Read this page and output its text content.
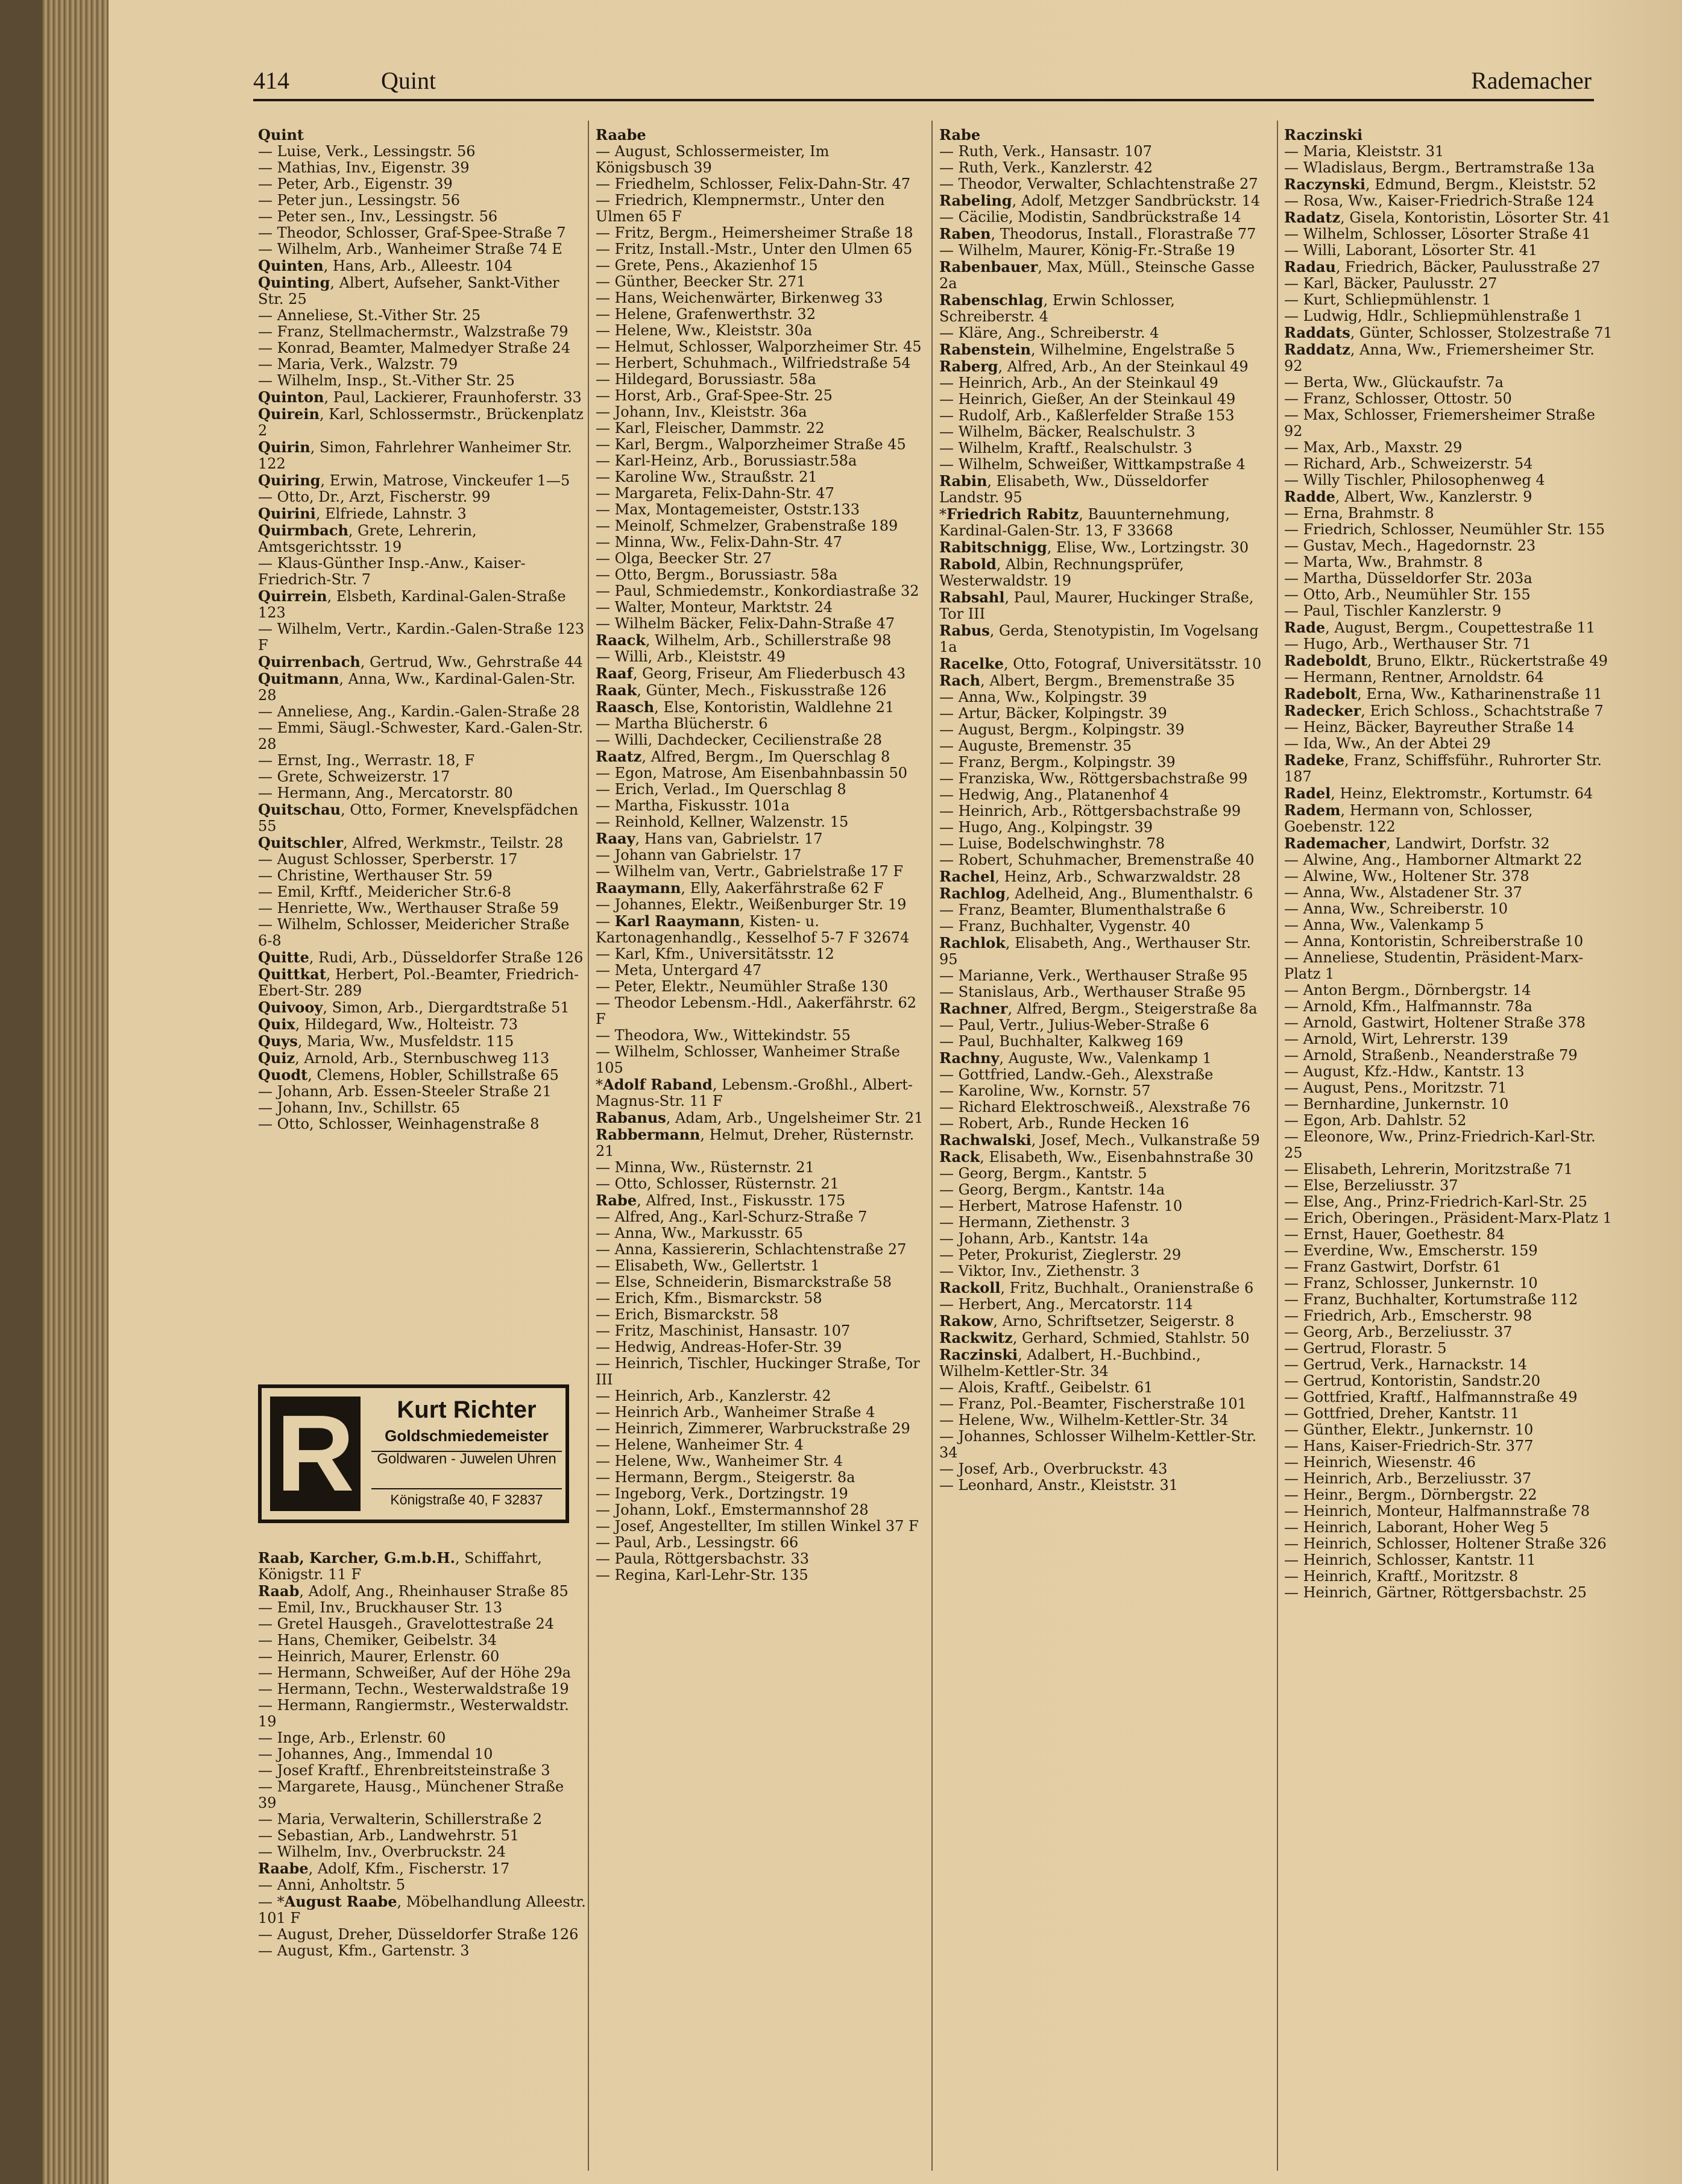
414	Quint	Rademacher
Quint
— Luise, Verk., Lessingstr. 56
— Mathias, Inv., Eigenstr. 39
— Peter, Arb., Eigenstr. 39
— Peter jun., Lessingstr. 56
— Peter sen., Inv., Lessingstr. 56
— Theodor, Schlosser, Graf-Spee-Straße 7
— Wilhelm, Arb., Wanheimer Straße 74 E
Quinten, Hans, Arb., Alleestr. 104
Quinting, Albert, Aufseher, Sankt-Vither Str. 25
— Anneliese, St.-Vither Str. 25
— Franz, Stellmachermstr., Walzstraße 79
— Konrad, Beamter, Malmedyer Straße 24
— Maria, Verk., Walzstr. 79
— Wilhelm, Insp., St.-Vither Str. 25
Quinton, Paul, Lackierer, Fraunhoferstr. 33
Quirein, Karl, Schlossermstr., Brückenplatz 2
Quirin, Simon, Fahrlehrer Wanheimer Str. 122
Quiring, Erwin, Matrose, Vinckeufer 1—5
— Otto, Dr., Arzt, Fischerstr. 99
Quirini, Elfriede, Lahnstr. 3
Quirmbach, Grete, Lehrerin, Amtsgerichtsstr. 19
— Klaus-Günther Insp.-Anw., Kaiser-Friedrich-Str. 7
Quirrein, Elsbeth, Kardinal-Galen-Straße 123
— Wilhelm, Vertr., Kardin.-Galen-Straße 123 F
Quirrenbach, Gertrud, Ww., Gehrstraße 44
Quitmann, Anna, Ww., Kardinal-Galen-Str. 28
— Anneliese, Ang., Kardin.-Galen-Straße 28
— Emmi, Säugl.-Schwester, Kard.-Galen-Str. 28
— Ernst, Ing., Werrastr. 18, F
— Grete, Schweizerstr. 17
— Hermann, Ang., Mercatorstr. 80
Quitschau, Otto, Former, Knevelspfädchen 55
Quitschler, Alfred, Werkmstr., Teilstr. 28
— August Schlosser, Sperberstr. 17
— Christine, Werthauser Str. 59
— Emil, Krftf., Meidericher Str.6-8
— Henriette, Ww., Werthauser Straße 59
— Wilhelm, Schlosser, Meidericher Straße 6-8
Quitte, Rudi, Arb., Düsseldorfer Straße 126
Quittkat, Herbert, Pol.-Beamter, Friedrich-Ebert-Str. 289
Quivooy, Simon, Arb., Diergardtstraße 51
Quix, Hildegard, Ww., Holteistr. 73
Quys, Maria, Ww., Musfeldstr. 115
Quiz, Arnold, Arb., Sternbuschweg 113
Quodt, Clemens, Hobler, Schillstraße 65
— Johann, Arb. Essen-Steeler Straße 21
— Johann, Inv., Schillstr. 65
— Otto, Schlosser, Weinhagenstraße 8
R	Kurt Richter
Goldschmiedemeister
Goldwaren - Juwelen Uhren
Königstraße 40, F 32837
Raab, Karcher, G.m.b.H., Schiffahrt, Königstr. 11 F
Raab, Adolf, Ang., Rheinhauser Straße 85
— Emil, Inv., Bruckhauser Str. 13
— Gretel Hausgeh., Gravelottestraße 24
— Hans, Chemiker, Geibelstr. 34
— Heinrich, Maurer, Erlenstr. 60
— Hermann, Schweißer, Auf der Höhe 29a
— Hermann, Techn., Westerwaldstraße 19
— Hermann, Rangiermstr., Westerwaldstr. 19
— Inge, Arb., Erlenstr. 60
— Johannes, Ang., Immendal 10
— Josef Kraftf., Ehrenbreitsteinstraße 3
— Margarete, Hausg., Münchener Straße 39
— Maria, Verwalterin, Schillerstraße 2
— Sebastian, Arb., Landwehrstr. 51
— Wilhelm, Inv., Overbruckstr. 24
Raabe, Adolf, Kfm., Fischerstr. 17
— Anni, Anholtstr. 5
— *August Raabe, Möbelhandlung Alleestr. 101 F
— August, Dreher, Düsseldorfer Straße 126
— August, Kfm., Gartenstr. 3
Raabe
— August, Schlossermeister, Im Königsbusch 39
— Friedhelm, Schlosser, Felix-Dahn-Str. 47
— Friedrich, Klempnermstr., Unter den Ulmen 65 F
— Fritz, Bergm., Heimersheimer Straße 18
— Fritz, Install.-Mstr., Unter den Ulmen 65
— Grete, Pens., Akazienhof 15
— Günther, Beecker Str. 271
— Hans, Weichenwärter, Birkenweg 33
— Helene, Grafenwerthstr. 32
— Helene, Ww., Kleiststr. 30a
— Helmut, Schlosser, Walporzheimer Str. 45
— Herbert, Schuhmach., Wilfriedstraße 54
— Hildegard, Borussiastr. 58a
— Horst, Arb., Graf-Spee-Str. 25
— Johann, Inv., Kleiststr. 36a
— Karl, Fleischer, Dammstr. 22
— Karl, Bergm., Walporzheimer Straße 45
— Karl-Heinz, Arb., Borussiastr.58a
— Karoline Ww., Straußstr. 21
— Margareta, Felix-Dahn-Str. 47
— Max, Montagemeister, Oststr.133
— Meinolf, Schmelzer, Grabenstraße 189
— Minna, Ww., Felix-Dahn-Str. 47
— Olga, Beecker Str. 27
— Otto, Bergm., Borussiastr. 58a
— Paul, Schmiedemstr., Konkordiastraße 32
— Walter, Monteur, Marktstr. 24
— Wilhelm Bäcker, Felix-Dahn-Straße 47
Raack, Wilhelm, Arb., Schillerstraße 98
— Willi, Arb., Kleiststr. 49
Raaf, Georg, Friseur, Am Fliederbusch 43
Raak, Günter, Mech., Fiskusstraße 126
Raasch, Else, Kontoristin, Waldlehne 21
— Martha Blücherstr. 6
— Willi, Dachdecker, Cecilienstraße 28
Raatz, Alfred, Bergm., Im Querschlag 8
— Egon, Matrose, Am Eisenbahnbassin 50
— Erich, Verlad., Im Querschlag 8
— Martha, Fiskusstr. 101a
— Reinhold, Kellner, Walzenstr. 15
Raay, Hans van, Gabrielstr. 17
— Johann van Gabrielstr. 17
— Wilhelm van, Vertr., Gabrielstraße 17 F
Raaymann, Elly, Aakerfährstraße 62 F
— Johannes, Elektr., Weißenburger Str. 19
— Karl Raaymann, Kisten- u. Kartonagenhandlg., Kesselhof 5-7 F 32674
— Karl, Kfm., Universitätsstr. 12
— Meta, Untergard 47
— Peter, Elektr., Neumühler Straße 130
— Theodor Lebensm.-Hdl., Aakerfährstr. 62 F
— Theodora, Ww., Wittekindstr. 55
— Wilhelm, Schlosser, Wanheimer Straße 105
*Adolf Raband, Lebensm.-Großhl., Albert-Magnus-Str. 11 F
Rabanus, Adam, Arb., Ungelsheimer Str. 21
Rabbermann, Helmut, Dreher, Rüsternstr. 21
— Minna, Ww., Rüsternstr. 21
— Otto, Schlosser, Rüsternstr. 21
Rabe, Alfred, Inst., Fiskusstr. 175
— Alfred, Ang., Karl-Schurz-Straße 7
— Anna, Ww., Markusstr. 65
— Anna, Kassiererin, Schlachtenstraße 27
— Elisabeth, Ww., Gellertstr. 1
— Else, Schneiderin, Bismarckstraße 58
— Erich, Kfm., Bismarckstr. 58
— Erich, Bismarckstr. 58
— Fritz, Maschinist, Hansastr. 107
— Hedwig, Andreas-Hofer-Str. 39
— Heinrich, Tischler, Huckinger Straße, Tor III
— Heinrich, Arb., Kanzlerstr. 42
— Heinrich Arb., Wanheimer Straße 4
— Heinrich, Zimmerer, Warbruckstraße 29
— Helene, Wanheimer Str. 4
— Helene, Ww., Wanheimer Str. 4
— Hermann, Bergm., Steigerstr. 8a
— Ingeborg, Verk., Dortzingstr. 19
— Johann, Lokf., Emstermannshof 28
— Josef, Angestellter, Im stillen Winkel 37 F
— Paul, Arb., Lessingstr. 66
— Paula, Röttgersbachstr. 33
— Regina, Karl-Lehr-Str. 135
Rabe
— Ruth, Verk., Hansastr. 107
— Ruth, Verk., Kanzlerstr. 42
— Theodor, Verwalter, Schlachtenstraße 27
Rabeling, Adolf, Metzger Sandbrückstr. 14
— Cäcilie, Modistin, Sandbrückstraße 14
Raben, Theodorus, Install., Florastraße 77
— Wilhelm, Maurer, König-Fr.-Straße 19
Rabenbauer, Max, Müll., Steinsche Gasse 2a
Rabenschlag, Erwin Schlosser, Schreiberstr. 4
— Kläre, Ang., Schreiberstr. 4
Rabenstein, Wilhelmine, Engelstraße 5
Raberg, Alfred, Arb., An der Steinkaul 49
— Heinrich, Arb., An der Steinkaul 49
— Heinrich, Gießer, An der Steinkaul 49
— Rudolf, Arb., Kaßlerfelder Straße 153
— Wilhelm, Bäcker, Realschulstr. 3
— Wilhelm, Kraftf., Realschulstr. 3
— Wilhelm, Schweißer, Wittkampstraße 4
Rabin, Elisabeth, Ww., Düsseldorfer Landstr. 95
*Friedrich Rabitz, Bauunternehmung, Kardinal-Galen-Str. 13, F 33668
Rabitschnigg, Elise, Ww., Lortzingstr. 30
Rabold, Albin, Rechnungsprüfer, Westerwaldstr. 19
Rabsahl, Paul, Maurer, Huckinger Straße, Tor III
Rabus, Gerda, Stenotypistin, Im Vogelsang 1a
Racelke, Otto, Fotograf, Universitätsstr. 10
Rach, Albert, Bergm., Bremenstraße 35
— Anna, Ww., Kolpingstr. 39
— Artur, Bäcker, Kolpingstr. 39
— August, Bergm., Kolpingstr. 39
— Auguste, Bremenstr. 35
— Franz, Bergm., Kolpingstr. 39
— Franziska, Ww., Röttgersbachstraße 99
— Hedwig, Ang., Platanenhof 4
— Heinrich, Arb., Röttgersbachstraße 99
— Hugo, Ang., Kolpingstr. 39
— Luise, Bodelschwinghstr. 78
— Robert, Schuhmacher, Bremenstraße 40
Rachel, Heinz, Arb., Schwarzwaldstr. 28
Rachlog, Adelheid, Ang., Blumenthalstr. 6
— Franz, Beamter, Blumenthalstraße 6
— Franz, Buchhalter, Vygenstr. 40
Rachlok, Elisabeth, Ang., Werthauser Str. 95
— Marianne, Verk., Werthauser Straße 95
— Stanislaus, Arb., Werthauser Straße 95
Rachner, Alfred, Bergm., Steigerstraße 8a
— Paul, Vertr., Julius-Weber-Straße 6
— Paul, Buchhalter, Kalkweg 169
Rachny, Auguste, Ww., Valenkamp 1
— Gottfried, Landw.-Geh., Alexstraße
— Karoline, Ww., Kornstr. 57
— Richard Elektroschweiß., Alexstraße 76
— Robert, Arb., Runde Hecken 16
Rachwalski, Josef, Mech., Vulkanstraße 59
Rack, Elisabeth, Ww., Eisenbahnstraße 30
— Georg, Bergm., Kantstr. 5
— Georg, Bergm., Kantstr. 14a
— Herbert, Matrose Hafenstr. 10
— Hermann, Ziethenstr. 3
— Johann, Arb., Kantstr. 14a
— Peter, Prokurist, Zieglerstr. 29
— Viktor, Inv., Ziethenstr. 3
Rackoll, Fritz, Buchhalt., Oranienstraße 6
— Herbert, Ang., Mercatorstr. 114
Rakow, Arno, Schriftsetzer, Seigerstr. 8
Rackwitz, Gerhard, Schmied, Stahlstr. 50
Raczinski, Adalbert, H.-Buchbind., Wilhelm-Kettler-Str. 34
— Alois, Kraftf., Geibelstr. 61
— Franz, Pol.-Beamter, Fischerstraße 101
— Helene, Ww., Wilhelm-Kettler-Str. 34
— Johannes, Schlosser Wilhelm-Kettler-Str. 34
— Josef, Arb., Overbruckstr. 43
— Leonhard, Anstr., Kleiststr. 31
Raczinski
— Maria, Kleiststr. 31
— Wladislaus, Bergm., Bertramstraße 13a
Raczynski, Edmund, Bergm., Kleiststr. 52
— Rosa, Ww., Kaiser-Friedrich-Straße 124
Radatz, Gisela, Kontoristin, Lösorter Str. 41
— Wilhelm, Schlosser, Lösorter Straße 41
— Willi, Laborant, Lösorter Str. 41
Radau, Friedrich, Bäcker, Paulusstraße 27
— Karl, Bäcker, Paulusstr. 27
— Kurt, Schliepmühlenstr. 1
— Ludwig, Hdlr., Schliepmühlenstraße 1
Raddats, Günter, Schlosser, Stolzestraße 71
Raddatz, Anna, Ww., Friemersheimer Str. 92
— Berta, Ww., Glückaufstr. 7a
— Franz, Schlosser, Ottostr. 50
— Max, Schlosser, Friemersheimer Straße 92
— Max, Arb., Maxstr. 29
— Richard, Arb., Schweizerstr. 54
— Willy Tischler, Philosophenweg 4
Radde, Albert, Ww., Kanzlerstr. 9
— Erna, Brahmstr. 8
— Friedrich, Schlosser, Neumühler Str. 155
— Gustav, Mech., Hagedornstr. 23
— Marta, Ww., Brahmstr. 8
— Martha, Düsseldorfer Str. 203a
— Otto, Arb., Neumühler Str. 155
— Paul, Tischler Kanzlerstr. 9
Rade, August, Bergm., Coupettestraße 11
— Hugo, Arb., Werthauser Str. 71
Radeboldt, Bruno, Elktr., Rückertstraße 49
— Hermann, Rentner, Arnoldstr. 64
Radebolt, Erna, Ww., Katharinenstraße 11
Radecker, Erich Schloss., Schachtstraße 7
— Heinz, Bäcker, Bayreuther Straße 14
— Ida, Ww., An der Abtei 29
Radeke, Franz, Schiffsführ., Ruhrorter Str. 187
Radel, Heinz, Elektromstr., Kortumstr. 64
Radem, Hermann von, Schlosser, Goebenstr. 122
Rademacher, Landwirt, Dorfstr. 32
— Alwine, Ang., Hamborner Altmarkt 22
— Alwine, Ww., Holtener Str. 378
— Anna, Ww., Alstadener Str. 37
— Anna, Ww., Schreiberstr. 10
— Anna, Ww., Valenkamp 5
— Anna, Kontoristin, Schreiberstraße 10
— Anneliese, Studentin, Präsident-Marx-Platz 1
— Anton Bergm., Dörnbergstr. 14
— Arnold, Kfm., Halfmannstr. 78a
— Arnold, Gastwirt, Holtener Straße 378
— Arnold, Wirt, Lehrerstr. 139
— Arnold, Straßenb., Neanderstraße 79
— August, Kfz.-Hdw., Kantstr. 13
— August, Pens., Moritzstr. 71
— Bernhardine, Junkernstr. 10
— Egon, Arb. Dahlstr. 52
— Eleonore, Ww., Prinz-Friedrich-Karl-Str. 25
— Elisabeth, Lehrerin, Moritzstraße 71
— Else, Berzeliusstr. 37
— Else, Ang., Prinz-Friedrich-Karl-Str. 25
— Erich, Oberingen., Präsident-Marx-Platz 1
— Ernst, Hauer, Goethestr. 84
— Everdine, Ww., Emscherstr. 159
— Franz Gastwirt, Dorfstr. 61
— Franz, Schlosser, Junkernstr. 10
— Franz, Buchhalter, Kortumstraße 112
— Friedrich, Arb., Emscherstr. 98
— Georg, Arb., Berzeliusstr. 37
— Gertrud, Florastr. 5
— Gertrud, Verk., Harnackstr. 14
— Gertrud, Kontoristin, Sandstr.20
— Gottfried, Kraftf., Halfmannstraße 49
— Gottfried, Dreher, Kantstr. 11
— Günther, Elektr., Junkernstr. 10
— Hans, Kaiser-Friedrich-Str. 377
— Heinrich, Wiesenstr. 46
— Heinrich, Arb., Berzeliusstr. 37
— Heinr., Bergm., Dörnbergstr. 22
— Heinrich, Monteur, Halfmannstraße 78
— Heinrich, Laborant, Hoher Weg 5
— Heinrich, Schlosser, Holtener Straße 326
— Heinrich, Schlosser, Kantstr. 11
— Heinrich, Kraftf., Moritzstr. 8
— Heinrich, Gärtner, Röttgersbachstr. 25
